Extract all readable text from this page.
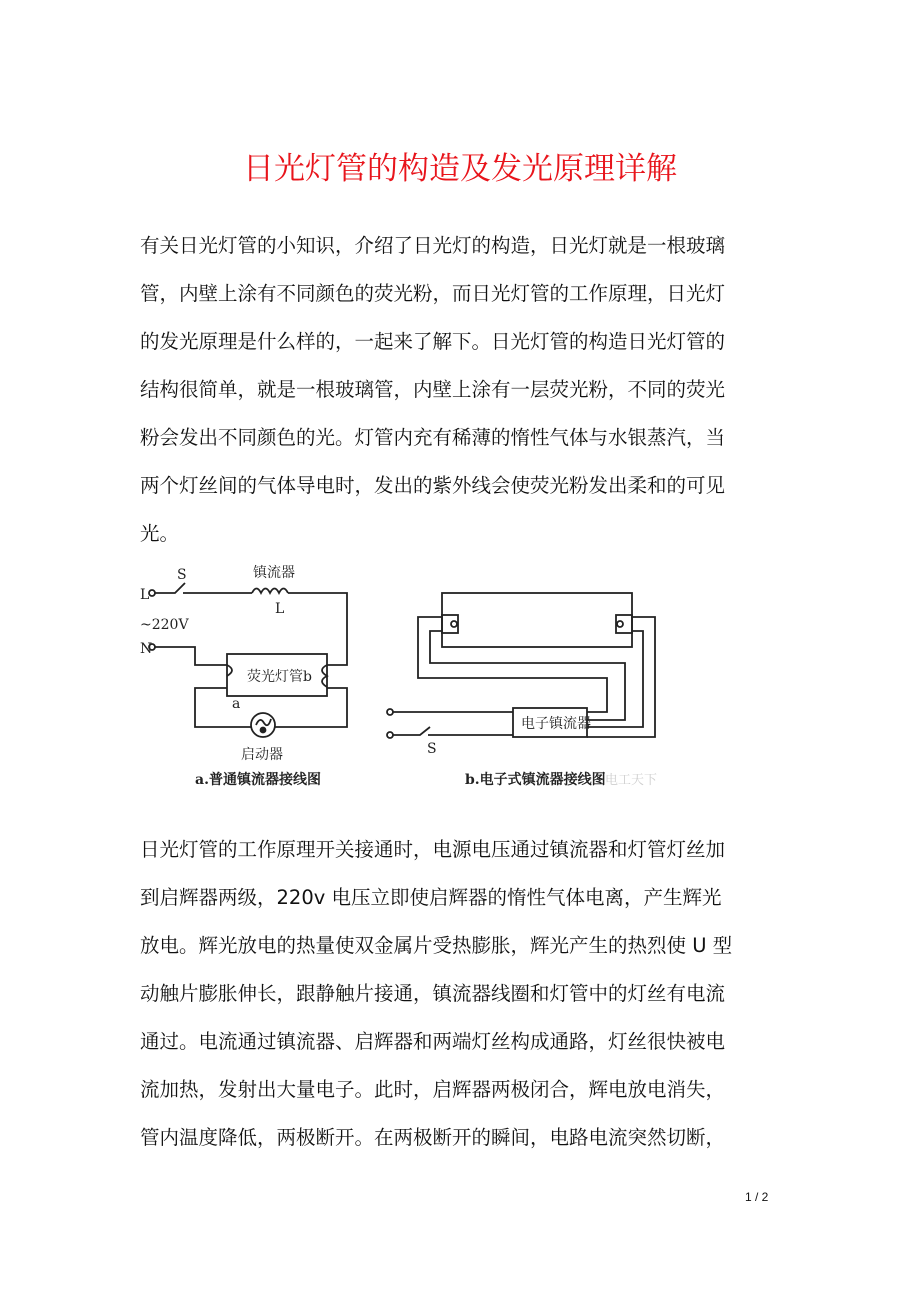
日光灯管的构造及发光原理详解
有关日光灯管的小知识，介绍了日光灯的构造，日光灯就是一根玻璃
管，内壁上涂有不同颜色的荧光粉，而日光灯管的工作原理，日光灯
的发光原理是什么样的，一起来了解下。日光灯管的构造日光灯管的
结构很简单，就是一根玻璃管，内壁上涂有一层荧光粉，不同的荧光
粉会发出不同颜色的光。灯管内充有稀薄的惰性气体与水银蒸汽，当
两个灯丝间的气体导电时，发出的紫外线会使荧光粉发出柔和的可见
光。
L
N
~220V
S	镇流器
L
荧光灯管b
a
启动器
a.普通镇流器接线图
电子镇流器
S
b.电子式镇流器接线图 电工天下
日光灯管的工作原理开关接通时，电源电压通过镇流器和灯管灯丝加
到启辉器两级，220v 电压立即使启辉器的惰性气体电离，产生辉光
放电。辉光放电的热量使双金属片受热膨胀，辉光产生的热烈使 U 型
动触片膨胀伸长，跟静触片接通，镇流器线圈和灯管中的灯丝有电流
通过。电流通过镇流器、启辉器和两端灯丝构成通路，灯丝很快被电
流加热，发射出大量电子。此时，启辉器两极闭合，辉电放电消失，
管内温度降低，两极断开。在两极断开的瞬间，电路电流突然切断，
1 / 2
